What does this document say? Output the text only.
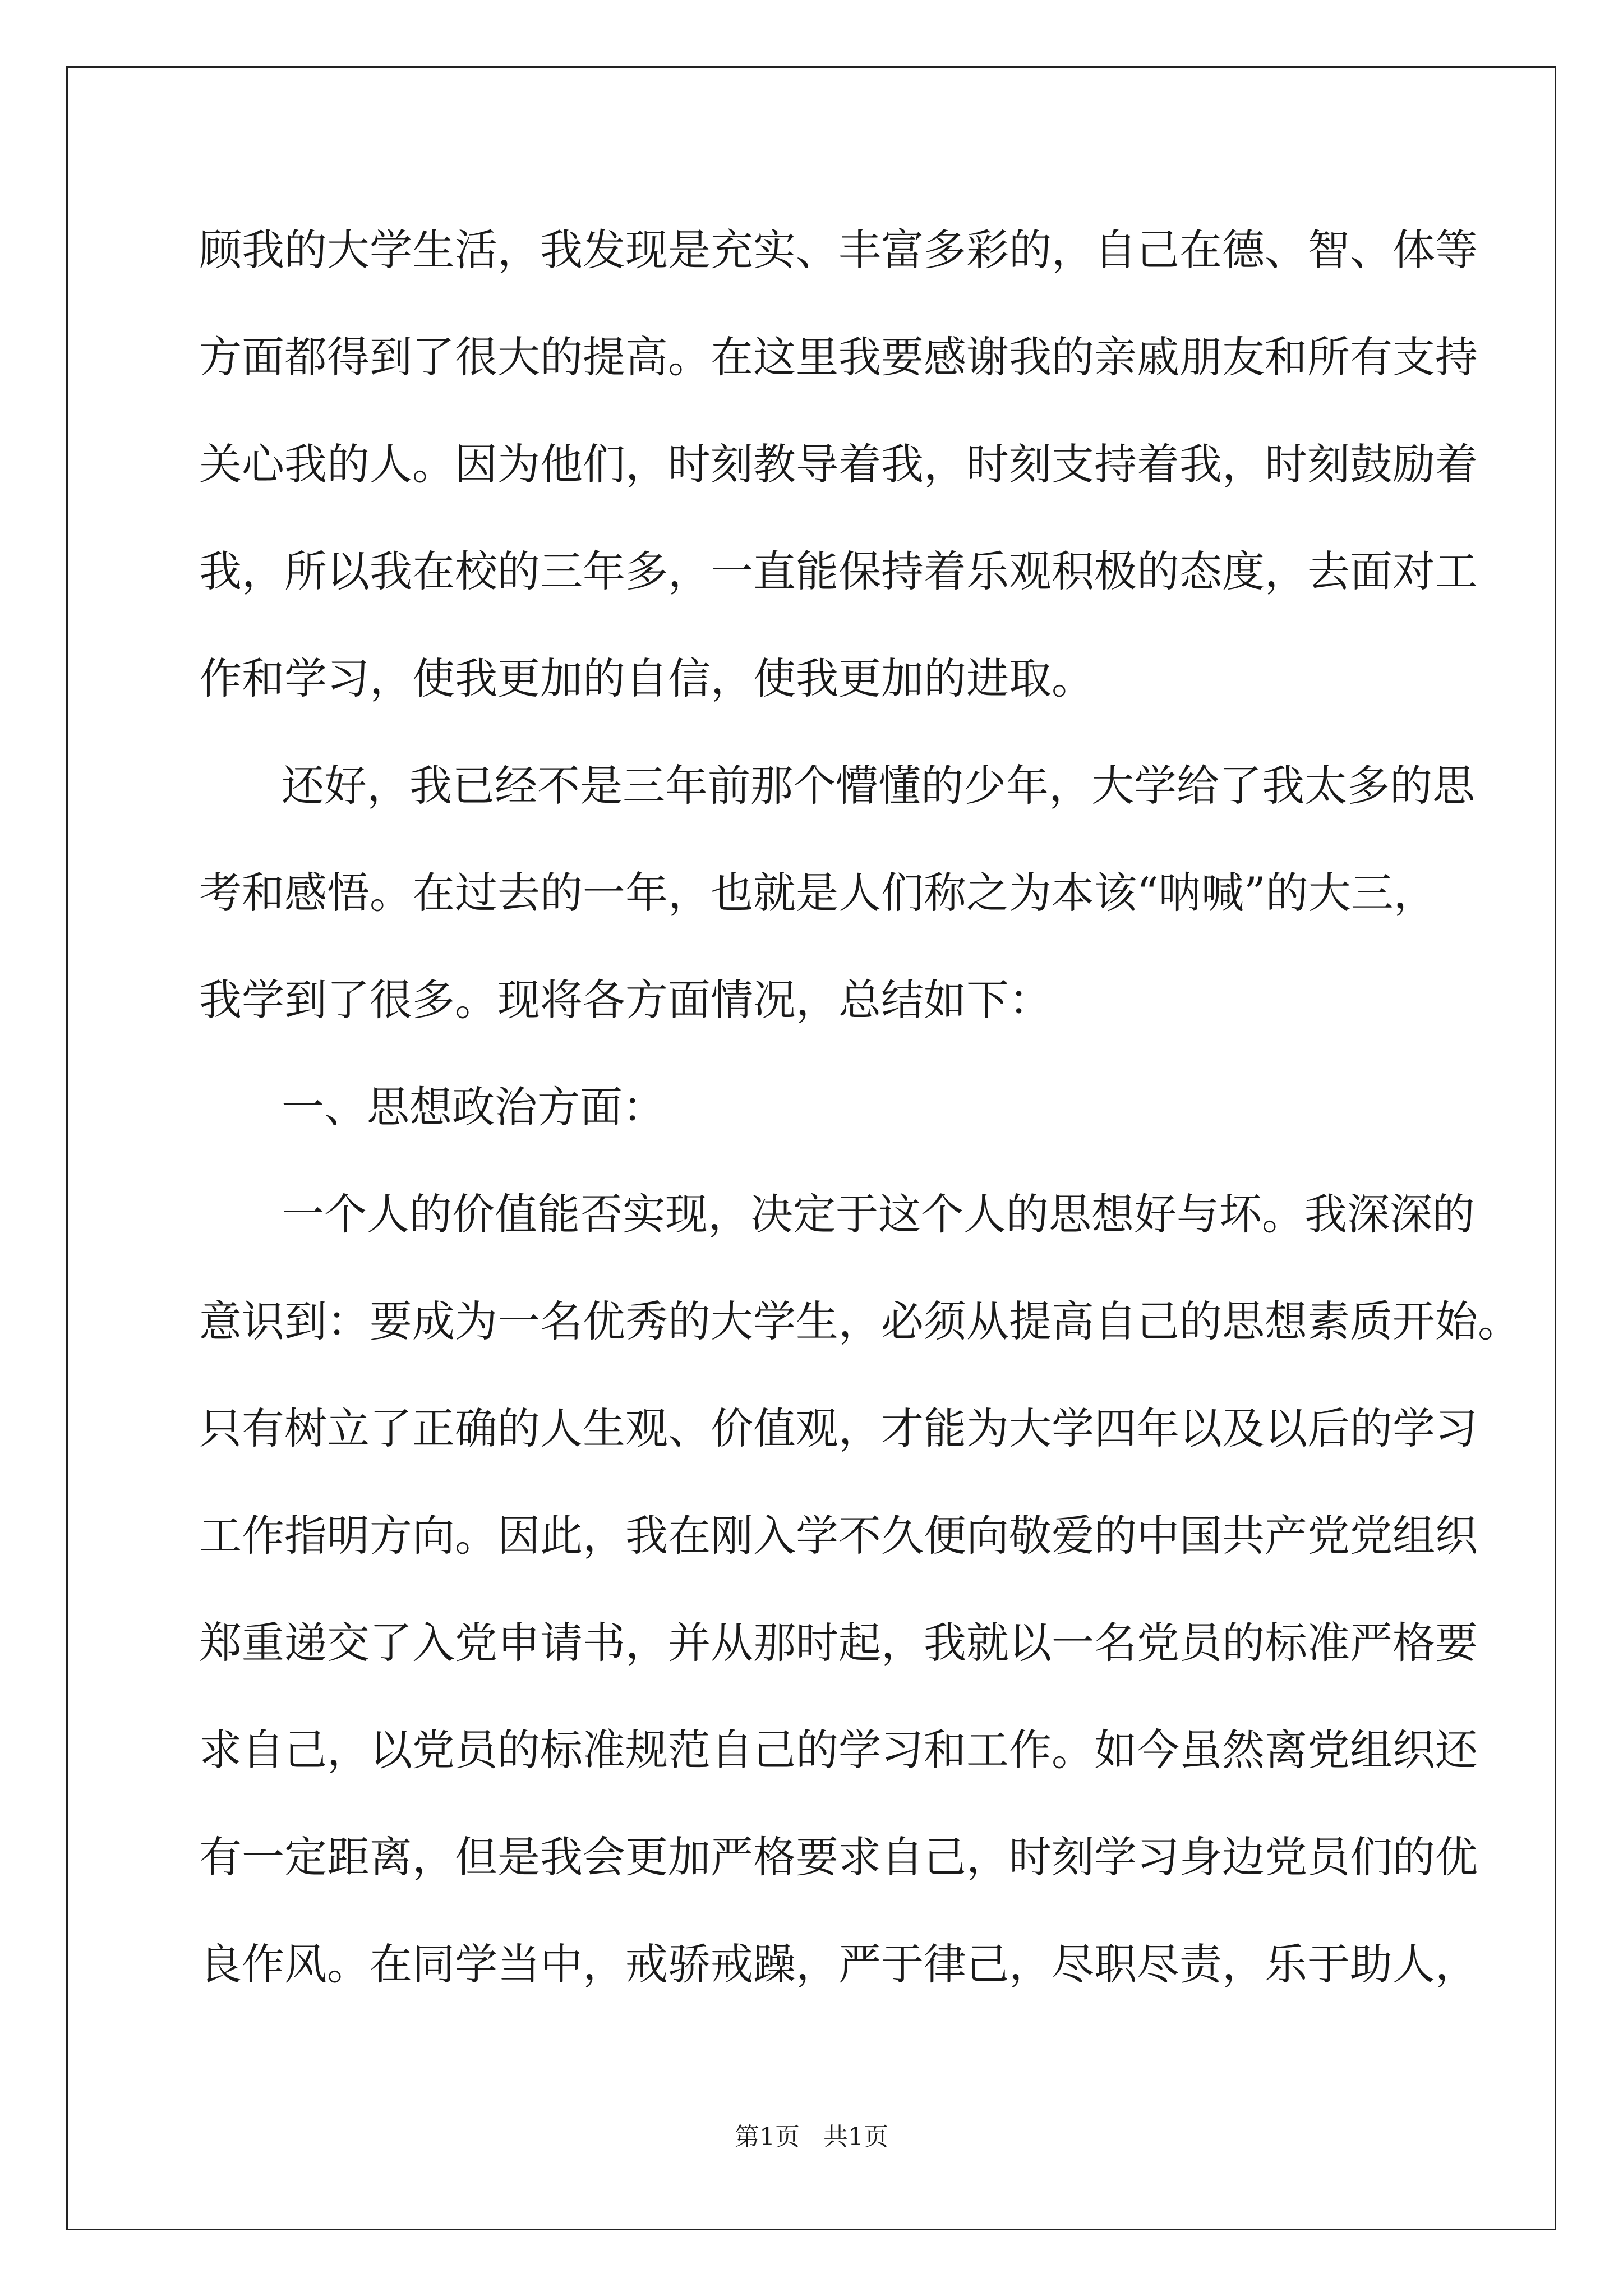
顾我的大学生活，我发现是充实、丰富多彩的，自己在德、智、体等

方面都得到了很大的提高。在这里我要感谢我的亲戚朋友和所有支持

关心我的人。因为他们，时刻教导着我，时刻支持着我，时刻鼓励着

我，所以我在校的三年多，一直能保持着乐观积极的态度，去面对工

作和学习，使我更加的自信，使我更加的进取。

还好，我已经不是三年前那个懵懂的少年，大学给了我太多的思

考和感悟。在过去的一年，也就是人们称之为本该“呐喊”的大三，

我学到了很多。现将各方面情况，总结如下：

一、思想政治方面：

一个人的价值能否实现，决定于这个人的思想好与坏。我深深的

意识到：要成为一名优秀的大学生，必须从提高自己的思想素质开始。

只有树立了正确的人生观、价值观，才能为大学四年以及以后的学习

工作指明方向。因此，我在刚入学不久便向敬爱的中国共产党党组织

郑重递交了入党申请书，并从那时起，我就以一名党员的标准严格要

求自己，以党员的标准规范自己的学习和工作。如今虽然离党组织还

有一定距离，但是我会更加严格要求自己，时刻学习身边党员们的优

良作风。在同学当中，戒骄戒躁，严于律己，尽职尽责，乐于助人，

第1页   共1页
